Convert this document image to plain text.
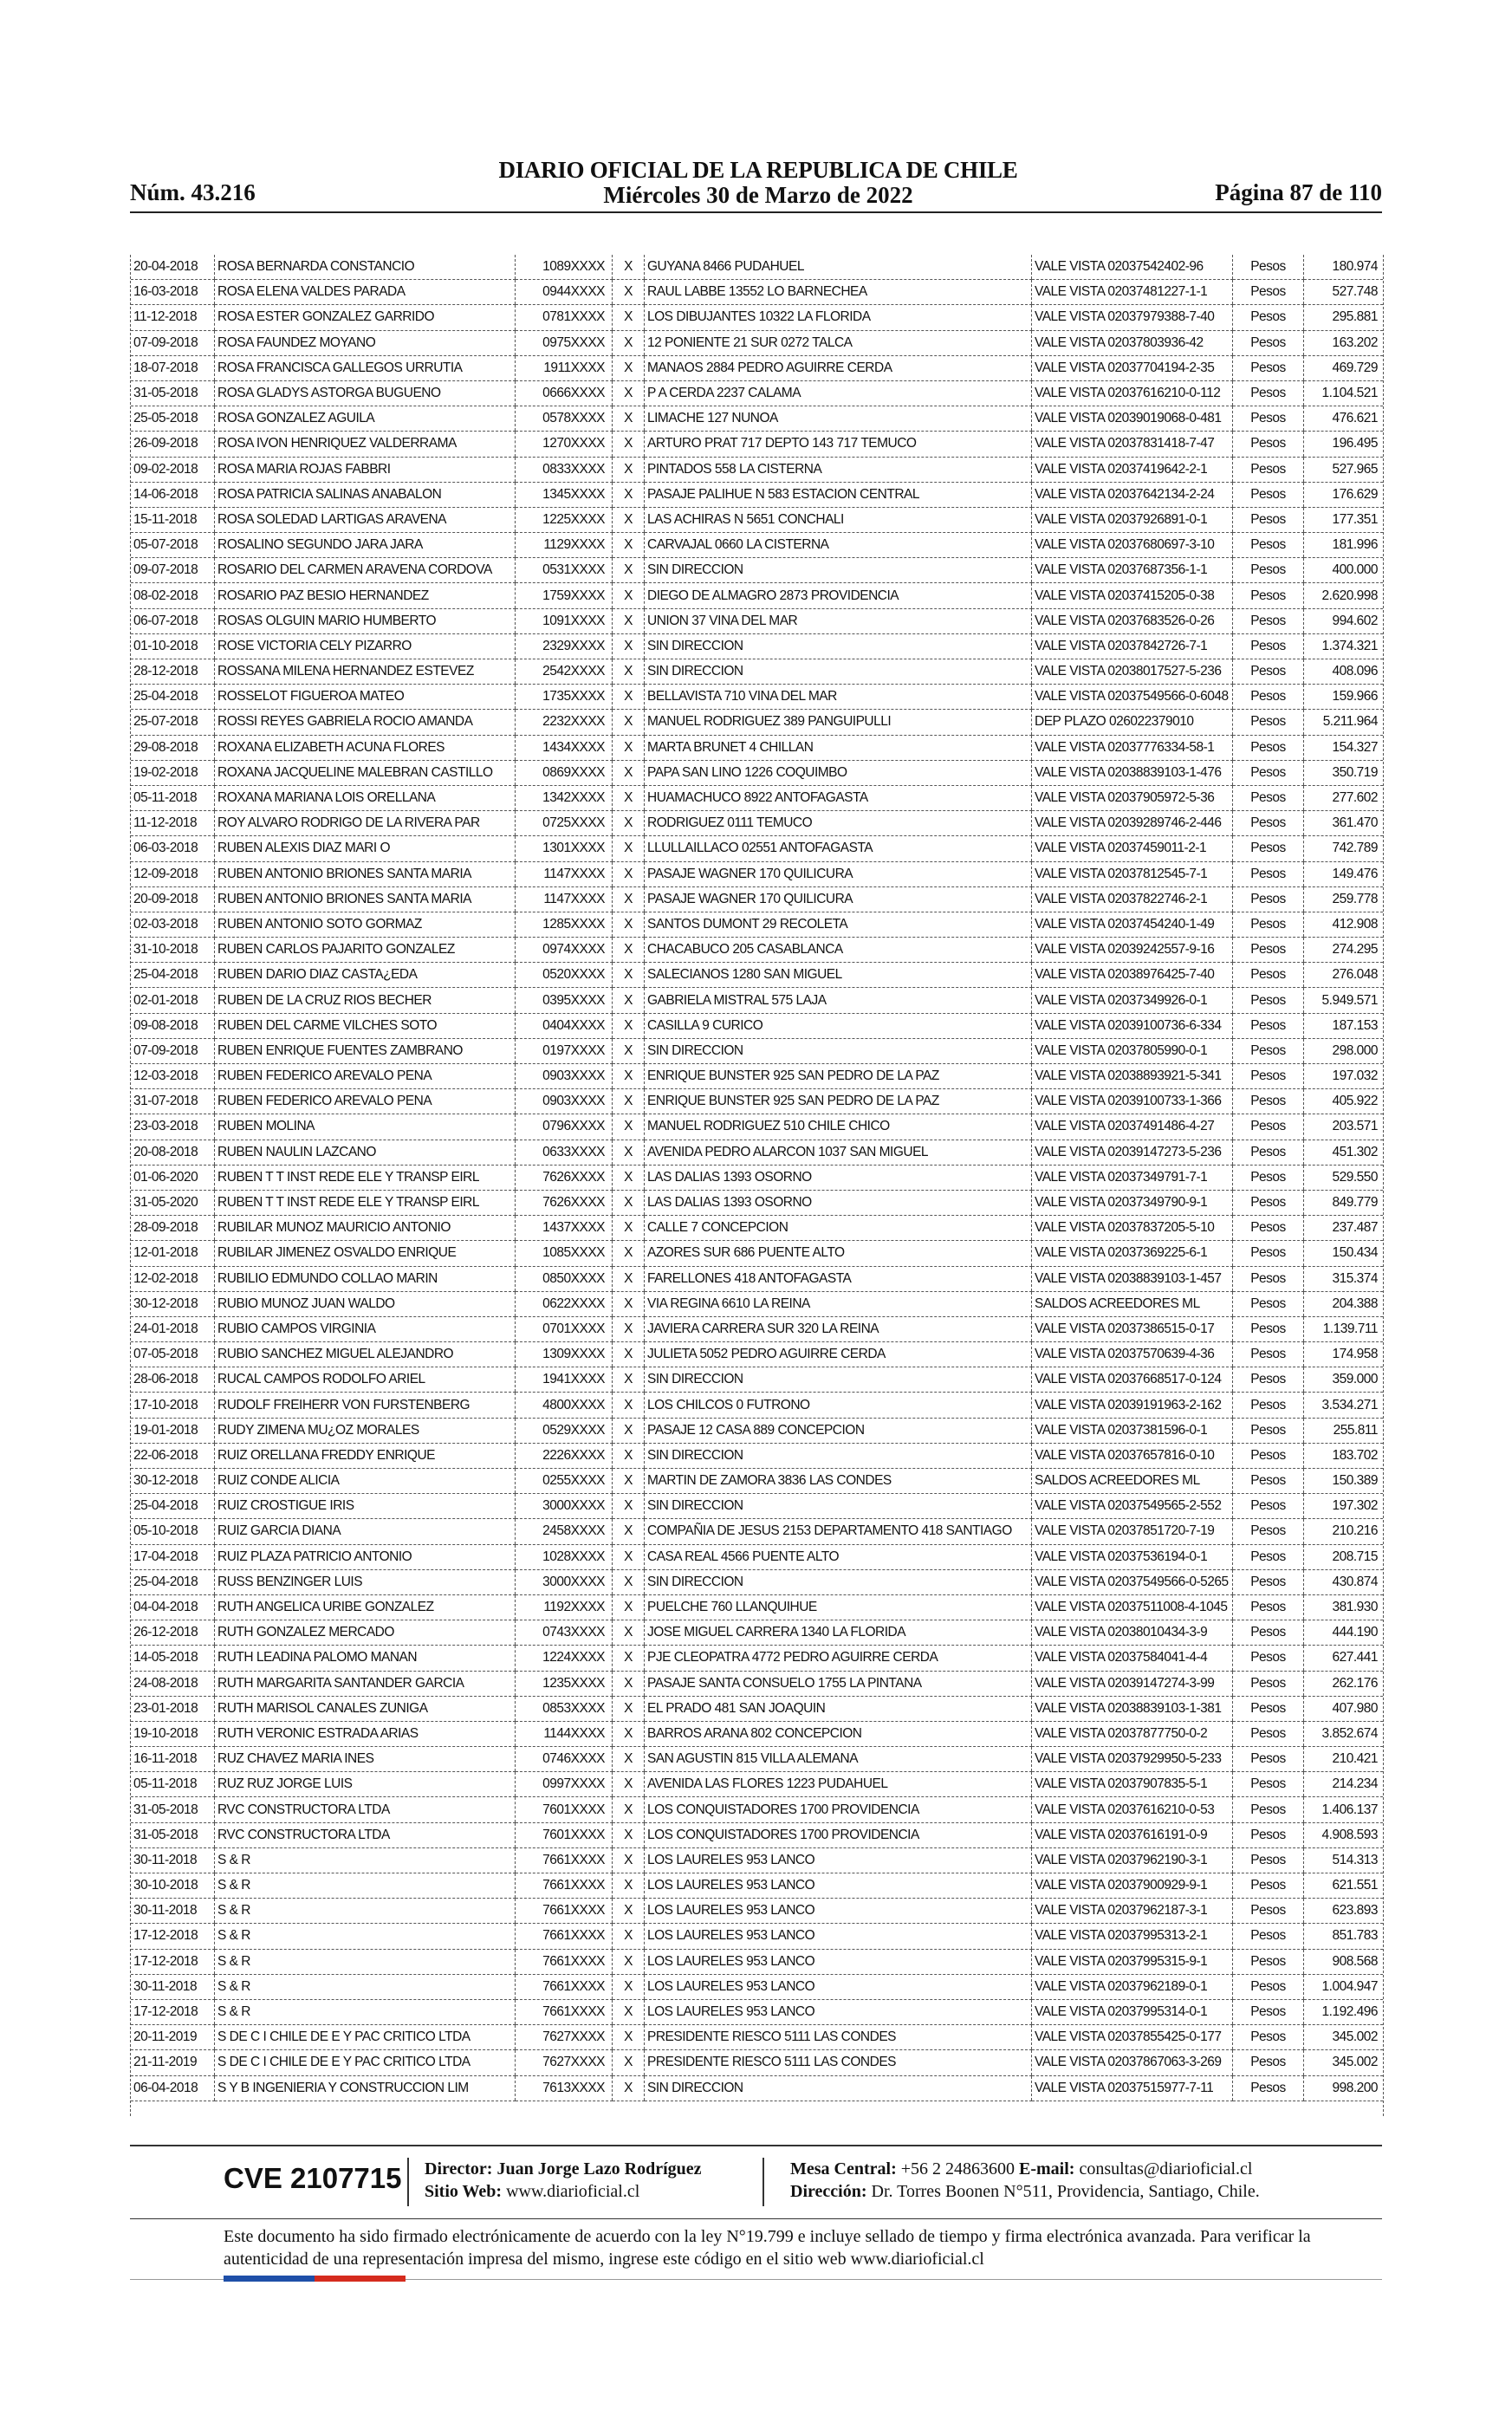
Núm. 43.216
DIARIO OFICIAL DE LA REPUBLICA DE CHILE
Miércoles 30 de Marzo de 2022	Página 87 de 110
20-04-2018	ROSA BERNARDA CONSTANCIO	1089XXXX	X	GUYANA 8466 PUDAHUEL	VALE VISTA 02037542402-96	Pesos	180.974
16-03-2018	ROSA ELENA VALDES PARADA	0944XXXX	X	RAUL LABBE 13552 LO BARNECHEA	VALE VISTA 02037481227-1-1	Pesos	527.748
11-12-2018	ROSA ESTER GONZALEZ GARRIDO	0781XXXX	X	LOS DIBUJANTES 10322 LA FLORIDA	VALE VISTA 02037979388-7-40	Pesos	295.881
07-09-2018	ROSA FAUNDEZ MOYANO	0975XXXX	X	12 PONIENTE 21 SUR 0272 TALCA	VALE VISTA 02037803936-42	Pesos	163.202
18-07-2018	ROSA FRANCISCA GALLEGOS URRUTIA	1911XXXX	X	MANAOS 2884 PEDRO AGUIRRE CERDA	VALE VISTA 02037704194-2-35	Pesos	469.729
31-05-2018	ROSA GLADYS ASTORGA BUGUENO	0666XXXX	X	P A CERDA 2237 CALAMA	VALE VISTA 02037616210-0-112	Pesos	1.104.521
25-05-2018	ROSA GONZALEZ AGUILA	0578XXXX	X	LIMACHE 127 NUNOA	VALE VISTA 02039019068-0-481	Pesos	476.621
26-09-2018	ROSA IVON HENRIQUEZ VALDERRAMA	1270XXXX	X	ARTURO PRAT 717 DEPTO 143 717 TEMUCO	VALE VISTA 02037831418-7-47	Pesos	196.495
09-02-2018	ROSA MARIA ROJAS FABBRI	0833XXXX	X	PINTADOS 558 LA CISTERNA	VALE VISTA 02037419642-2-1	Pesos	527.965
14-06-2018	ROSA PATRICIA SALINAS ANABALON	1345XXXX	X	PASAJE PALIHUE N 583 ESTACION CENTRAL	VALE VISTA 02037642134-2-24	Pesos	176.629
15-11-2018	ROSA SOLEDAD LARTIGAS ARAVENA	1225XXXX	X	LAS ACHIRAS N 5651 CONCHALI	VALE VISTA 02037926891-0-1	Pesos	177.351
05-07-2018	ROSALINO SEGUNDO JARA JARA	1129XXXX	X	CARVAJAL 0660 LA CISTERNA	VALE VISTA 02037680697-3-10	Pesos	181.996
09-07-2018	ROSARIO DEL CARMEN ARAVENA CORDOVA	0531XXXX	X	SIN DIRECCION	VALE VISTA 02037687356-1-1	Pesos	400.000
08-02-2018	ROSARIO PAZ BESIO HERNANDEZ	1759XXXX	X	DIEGO DE ALMAGRO 2873 PROVIDENCIA	VALE VISTA 02037415205-0-38	Pesos	2.620.998
06-07-2018	ROSAS OLGUIN MARIO HUMBERTO	1091XXXX	X	UNION 37 VINA DEL MAR	VALE VISTA 02037683526-0-26	Pesos	994.602
01-10-2018	ROSE VICTORIA CELY PIZARRO	2329XXXX	X	SIN DIRECCION	VALE VISTA 02037842726-7-1	Pesos	1.374.321
28-12-2018	ROSSANA MILENA HERNANDEZ ESTEVEZ	2542XXXX	X	SIN DIRECCION	VALE VISTA 02038017527-5-236	Pesos	408.096
25-04-2018	ROSSELOT FIGUEROA MATEO	1735XXXX	X	BELLAVISTA 710 VINA DEL MAR	VALE VISTA 02037549566-0-6048	Pesos	159.966
25-07-2018	ROSSI REYES GABRIELA ROCIO AMANDA	2232XXXX	X	MANUEL RODRIGUEZ 389 PANGUIPULLI	DEP PLAZO 026022379010	Pesos	5.211.964
29-08-2018	ROXANA ELIZABETH ACUNA FLORES	1434XXXX	X	MARTA BRUNET 4 CHILLAN	VALE VISTA 02037776334-58-1	Pesos	154.327
19-02-2018	ROXANA JACQUELINE MALEBRAN CASTILLO	0869XXXX	X	PAPA SAN LINO 1226 COQUIMBO	VALE VISTA 02038839103-1-476	Pesos	350.719
05-11-2018	ROXANA MARIANA LOIS ORELLANA	1342XXXX	X	HUAMACHUCO 8922 ANTOFAGASTA	VALE VISTA 02037905972-5-36	Pesos	277.602
11-12-2018	ROY ALVARO RODRIGO DE LA RIVERA PAR	0725XXXX	X	RODRIGUEZ 0111 TEMUCO	VALE VISTA 02039289746-2-446	Pesos	361.470
06-03-2018	RUBEN ALEXIS DIAZ MARI O	1301XXXX	X	LLULLAILLACO 02551 ANTOFAGASTA	VALE VISTA 02037459011-2-1	Pesos	742.789
12-09-2018	RUBEN ANTONIO BRIONES SANTA MARIA	1147XXXX	X	PASAJE WAGNER 170 QUILICURA	VALE VISTA 02037812545-7-1	Pesos	149.476
20-09-2018	RUBEN ANTONIO BRIONES SANTA MARIA	1147XXXX	X	PASAJE WAGNER 170 QUILICURA	VALE VISTA 02037822746-2-1	Pesos	259.778
02-03-2018	RUBEN ANTONIO SOTO GORMAZ	1285XXXX	X	SANTOS DUMONT 29 RECOLETA	VALE VISTA 02037454240-1-49	Pesos	412.908
31-10-2018	RUBEN CARLOS PAJARITO GONZALEZ	0974XXXX	X	CHACABUCO 205 CASABLANCA	VALE VISTA 02039242557-9-16	Pesos	274.295
25-04-2018	RUBEN DARIO DIAZ CASTA¿EDA	0520XXXX	X	SALECIANOS 1280 SAN MIGUEL	VALE VISTA 02038976425-7-40	Pesos	276.048
02-01-2018	RUBEN DE LA CRUZ RIOS BECHER	0395XXXX	X	GABRIELA MISTRAL 575 LAJA	VALE VISTA 02037349926-0-1	Pesos	5.949.571
09-08-2018	RUBEN DEL CARME VILCHES SOTO	0404XXXX	X	CASILLA 9 CURICO	VALE VISTA 02039100736-6-334	Pesos	187.153
07-09-2018	RUBEN ENRIQUE FUENTES ZAMBRANO	0197XXXX	X	SIN DIRECCION	VALE VISTA 02037805990-0-1	Pesos	298.000
12-03-2018	RUBEN FEDERICO AREVALO PENA	0903XXXX	X	ENRIQUE BUNSTER 925 SAN PEDRO DE LA PAZ	VALE VISTA 02038893921-5-341	Pesos	197.032
31-07-2018	RUBEN FEDERICO AREVALO PENA	0903XXXX	X	ENRIQUE BUNSTER 925 SAN PEDRO DE LA PAZ	VALE VISTA 02039100733-1-366	Pesos	405.922
23-03-2018	RUBEN MOLINA	0796XXXX	X	MANUEL RODRIGUEZ 510 CHILE CHICO	VALE VISTA 02037491486-4-27	Pesos	203.571
20-08-2018	RUBEN NAULIN LAZCANO	0633XXXX	X	AVENIDA PEDRO ALARCON 1037 SAN MIGUEL	VALE VISTA 02039147273-5-236	Pesos	451.302
01-06-2020	RUBEN T T INST REDE ELE Y TRANSP EIRL	7626XXXX	X	LAS DALIAS 1393 OSORNO	VALE VISTA 02037349791-7-1	Pesos	529.550
31-05-2020	RUBEN T T INST REDE ELE Y TRANSP EIRL	7626XXXX	X	LAS DALIAS 1393 OSORNO	VALE VISTA 02037349790-9-1	Pesos	849.779
28-09-2018	RUBILAR MUNOZ MAURICIO ANTONIO	1437XXXX	X	CALLE 7 CONCEPCION	VALE VISTA 02037837205-5-10	Pesos	237.487
12-01-2018	RUBILAR JIMENEZ OSVALDO ENRIQUE	1085XXXX	X	AZORES SUR 686 PUENTE ALTO	VALE VISTA 02037369225-6-1	Pesos	150.434
12-02-2018	RUBILIO EDMUNDO COLLAO MARIN	0850XXXX	X	FARELLONES 418 ANTOFAGASTA	VALE VISTA 02038839103-1-457	Pesos	315.374
30-12-2018	RUBIO MUNOZ JUAN WALDO	0622XXXX	X	VIA REGINA 6610 LA REINA	SALDOS ACREEDORES ML	Pesos	204.388
24-01-2018	RUBIO CAMPOS VIRGINIA	0701XXXX	X	JAVIERA CARRERA SUR 320 LA REINA	VALE VISTA 02037386515-0-17	Pesos	1.139.711
07-05-2018	RUBIO SANCHEZ MIGUEL ALEJANDRO	1309XXXX	X	JULIETA 5052 PEDRO AGUIRRE CERDA	VALE VISTA 02037570639-4-36	Pesos	174.958
28-06-2018	RUCAL CAMPOS RODOLFO ARIEL	1941XXXX	X	SIN DIRECCION	VALE VISTA 02037668517-0-124	Pesos	359.000
17-10-2018	RUDOLF FREIHERR VON FURSTENBERG	4800XXXX	X	LOS CHILCOS 0 FUTRONO	VALE VISTA 02039191963-2-162	Pesos	3.534.271
19-01-2018	RUDY ZIMENA MU¿OZ MORALES	0529XXXX	X	PASAJE 12 CASA 889 CONCEPCION	VALE VISTA 02037381596-0-1	Pesos	255.811
22-06-2018	RUIZ ORELLANA FREDDY ENRIQUE	2226XXXX	X	SIN DIRECCION	VALE VISTA 02037657816-0-10	Pesos	183.702
30-12-2018	RUIZ CONDE ALICIA	0255XXXX	X	MARTIN DE ZAMORA 3836 LAS CONDES	SALDOS ACREEDORES ML	Pesos	150.389
25-04-2018	RUIZ CROSTIGUE IRIS	3000XXXX	X	SIN DIRECCION	VALE VISTA 02037549565-2-552	Pesos	197.302
05-10-2018	RUIZ GARCIA DIANA	2458XXXX	X	COMPAÑIA DE JESUS 2153 DEPARTAMENTO 418 SANTIAGO	VALE VISTA 02037851720-7-19	Pesos	210.216
17-04-2018	RUIZ PLAZA PATRICIO ANTONIO	1028XXXX	X	CASA REAL 4566 PUENTE ALTO	VALE VISTA 02037536194-0-1	Pesos	208.715
25-04-2018	RUSS BENZINGER LUIS	3000XXXX	X	SIN DIRECCION	VALE VISTA 02037549566-0-5265	Pesos	430.874
04-04-2018	RUTH ANGELICA URIBE GONZALEZ	1192XXXX	X	PUELCHE 760 LLANQUIHUE	VALE VISTA 02037511008-4-1045	Pesos	381.930
26-12-2018	RUTH GONZALEZ MERCADO	0743XXXX	X	JOSE MIGUEL CARRERA 1340 LA FLORIDA	VALE VISTA 02038010434-3-9	Pesos	444.190
14-05-2018	RUTH LEADINA PALOMO MANAN	1224XXXX	X	PJE CLEOPATRA 4772 PEDRO AGUIRRE CERDA	VALE VISTA 02037584041-4-4	Pesos	627.441
24-08-2018	RUTH MARGARITA SANTANDER GARCIA	1235XXXX	X	PASAJE SANTA CONSUELO 1755 LA PINTANA	VALE VISTA 02039147274-3-99	Pesos	262.176
23-01-2018	RUTH MARISOL CANALES ZUNIGA	0853XXXX	X	EL PRADO 481 SAN JOAQUIN	VALE VISTA 02038839103-1-381	Pesos	407.980
19-10-2018	RUTH VERONIC ESTRADA ARIAS	1144XXXX	X	BARROS ARANA 802 CONCEPCION	VALE VISTA 02037877750-0-2	Pesos	3.852.674
16-11-2018	RUZ CHAVEZ MARIA INES	0746XXXX	X	SAN AGUSTIN 815 VILLA ALEMANA	VALE VISTA 02037929950-5-233	Pesos	210.421
05-11-2018	RUZ RUZ JORGE LUIS	0997XXXX	X	AVENIDA LAS FLORES 1223 PUDAHUEL	VALE VISTA 02037907835-5-1	Pesos	214.234
31-05-2018	RVC CONSTRUCTORA LTDA	7601XXXX	X	LOS CONQUISTADORES 1700 PROVIDENCIA	VALE VISTA 02037616210-0-53	Pesos	1.406.137
31-05-2018	RVC CONSTRUCTORA LTDA	7601XXXX	X	LOS CONQUISTADORES 1700 PROVIDENCIA	VALE VISTA 02037616191-0-9	Pesos	4.908.593
30-11-2018	S & R	7661XXXX	X	LOS LAURELES 953 LANCO	VALE VISTA 02037962190-3-1	Pesos	514.313
30-10-2018	S & R	7661XXXX	X	LOS LAURELES 953 LANCO	VALE VISTA 02037900929-9-1	Pesos	621.551
30-11-2018	S & R	7661XXXX	X	LOS LAURELES 953 LANCO	VALE VISTA 02037962187-3-1	Pesos	623.893
17-12-2018	S & R	7661XXXX	X	LOS LAURELES 953 LANCO	VALE VISTA 02037995313-2-1	Pesos	851.783
17-12-2018	S & R	7661XXXX	X	LOS LAURELES 953 LANCO	VALE VISTA 02037995315-9-1	Pesos	908.568
30-11-2018	S & R	7661XXXX	X	LOS LAURELES 953 LANCO	VALE VISTA 02037962189-0-1	Pesos	1.004.947
17-12-2018	S & R	7661XXXX	X	LOS LAURELES 953 LANCO	VALE VISTA 02037995314-0-1	Pesos	1.192.496
20-11-2019	S DE C I CHILE DE E Y PAC CRITICO LTDA	7627XXXX	X	PRESIDENTE RIESCO 5111 LAS CONDES	VALE VISTA 02037855425-0-177	Pesos	345.002
21-11-2019	S DE C I CHILE DE E Y PAC CRITICO LTDA	7627XXXX	X	PRESIDENTE RIESCO 5111 LAS CONDES	VALE VISTA 02037867063-3-269	Pesos	345.002
06-04-2018	S Y B INGENIERIA Y CONSTRUCCION LIM	7613XXXX	X	SIN DIRECCION	VALE VISTA 02037515977-7-11	Pesos	998.200
CVE 2107715 Director: Juan Jorge Lazo Rodríguez
Sitio Web: www.diarioficial.cl
Mesa Central: +56 2 24863600 E-mail: consultas@diarioficial.cl
Dirección: Dr. Torres Boonen N°511, Providencia, Santiago, Chile.
Este documento ha sido firmado electrónicamente de acuerdo con la ley N°19.799 e incluye sellado de tiempo y firma electrónica avanzada. Para verificar la autenticidad de una representación impresa del mismo, ingrese este código en el sitio web www.diarioficial.cl
